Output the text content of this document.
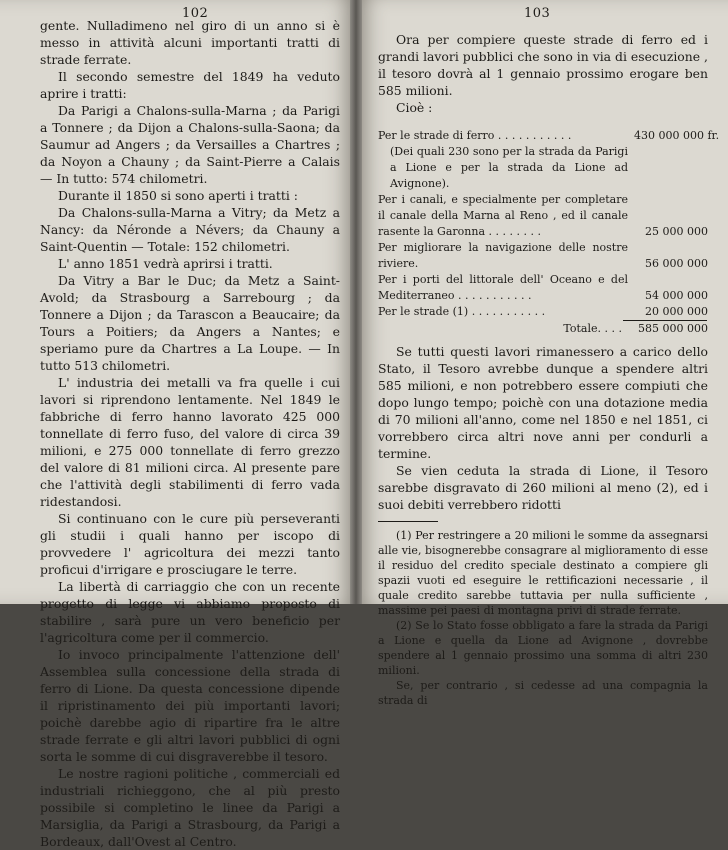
102

gente. Nulladimeno nel giro di un anno si è messo in attività alcuni importanti tratti di strade ferrate.

Il secondo semestre del 1849 ha veduto aprire i tratti:

Da Parigi a Chalons-sulla-Marna ; da Parigi a Tonnere ; da Dijon a Chalons-sulla-Saona; da Saumur ad Angers ; da Versailles a Chartres ; da Noyon a Chauny ; da Saint-Pierre a Calais — In tutto: 574 chilometri.

Durante il 1850 si sono aperti i tratti :

Da Chalons-sulla-Marna a Vitry; da Metz a Nancy: da Néronde a Névers; da Chauny a Saint-Quentin — Totale: 152 chilometri.

L' anno 1851 vedrà aprirsi i tratti.

Da Vitry a Bar le Duc; da Metz a Saint-Avold; da Strasbourg a Sarrebourg ; da Tonnere a Dijon ; da Tarascon a Beaucaire; da Tours a Poitiers; da Angers a Nantes; e speriamo pure da Chartres a La Loupe. — In tutto 513 chilometri.

L' industria dei metalli va fra quelle i cui lavori si riprendono lentamente. Nel 1849 le fabbriche di ferro hanno lavorato 425 000 tonnellate di ferro fuso, del valore di circa 39 milioni, e 275 000 tonnellate di ferro grezzo del valore di 81 milioni circa. Al presente pare che l'attività degli stabilimenti di ferro vada ridestandosi.

Si continuano con le cure più perseveranti gli studii i quali hanno per iscopo di provvedere l' agricoltura dei mezzi tanto proficui d'irrigare e prosciugare le terre.

La libertà di carriaggio che con un recente progetto di legge vi abbiamo proposto di stabilire , sarà pure un vero beneficio per l'agricoltura come per il commercio.

Io invoco principalmente l'attenzione dell' Assemblea sulla concessione della strada di ferro di Lione. Da questa concessione dipende il ripristinamento dei più importanti lavori; poichè darebbe agio di ripartire fra le altre strade ferrate e gli altri lavori pubblici di ogni sorta le somme di cui disgraverebbe il tesoro.

Le nostre ragioni politiche , commerciali ed industriali richieggono, che al più presto possibile si completino le linee da Parigi a Marsiglia, da Parigi a Strasbourg, da Parigi a Bordeaux, dall'Ovest al Centro.

103

Ora per compiere queste strade di ferro ed i grandi lavori pubblici che sono in via di esecuzione , il tesoro dovrà al 1 gennaio prossimo erogare ben 585 milioni.

Cioè :

Per le strade di ferro . . . . . . . . . . .	430 000 000 fr.
(Dei quali 230 sono per la strada da Parigi a Lione e per la strada da Lione ad Avignone).
Per i canali, e specialmente per completare il canale della Marna al Reno , ed il canale rasente la Garonna . . . . . . . .	25 000 000
Per migliorare la navigazione delle nostre riviere.	56 000 000
Per i porti del littorale dell' Oceano e del Mediterraneo . . . . . . . . . . .	54 000 000
Per le strade (1) . . . . . . . . . . .	20 000 000
Totale. . . .	585 000 000

Se tutti questi lavori rimanessero a carico dello Stato, il Tesoro avrebbe dunque a spendere altri 585 milioni, e non potrebbero essere compiuti che dopo lungo tempo; poichè con una dotazione media di 70 milioni all'anno, come nel 1850 e nel 1851, ci vorrebbero circa altri nove anni per condurli a termine.

Se vien ceduta la strada di Lione, il Tesoro sarebbe disgravato di 260 milioni al meno (2), ed i suoi debiti verrebbero ridotti

(1) Per restringere a 20 milioni le somme da assegnarsi alle vie, bisognerebbe consagrare al miglioramento di esse il residuo del credito speciale destinato a compiere gli spazii vuoti ed eseguire le rettificazioni necessarie , il quale credito sarebbe tuttavia per nulla sufficiente , massime pei paesi di montagna privi di strade ferrate.

(2) Se lo Stato fosse obbligato a fare la strada da Parigi a Lione e quella da Lione ad Avignone , dovrebbe spendere al 1 gennaio prossimo una somma di altri 230 milioni.

Se, per contrario , si cedesse ad una compagnia la strada di
